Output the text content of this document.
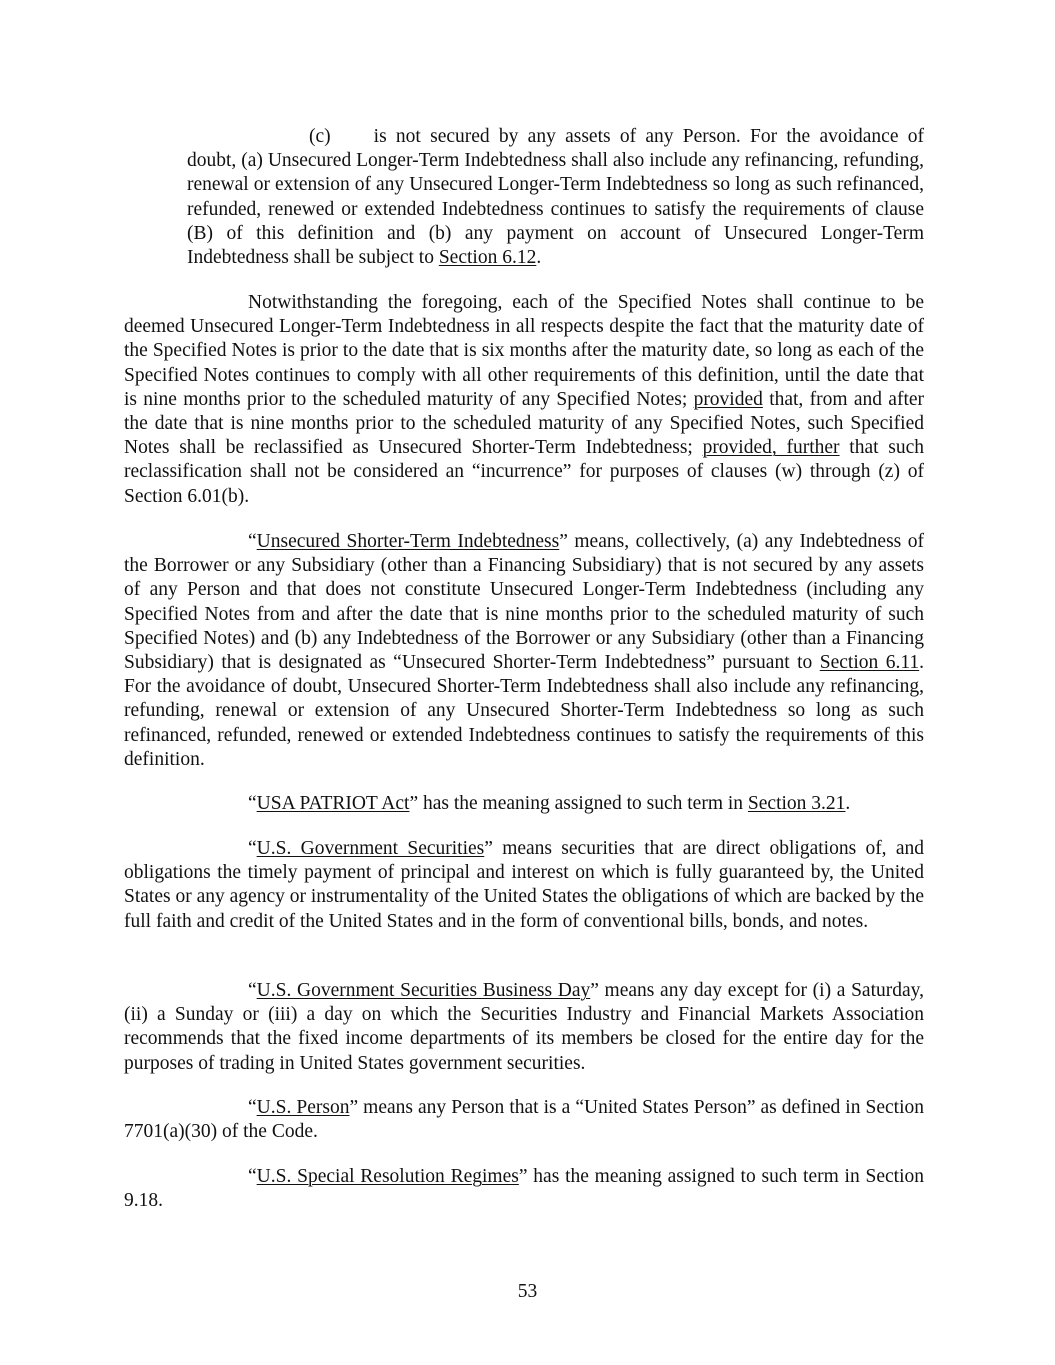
(c) is not secured by any assets of any Person. For the avoidance of doubt, (a) Unsecured Longer-Term Indebtedness shall also include any refinancing, refunding, renewal or extension of any Unsecured Longer-Term Indebtedness so long as such refinanced, refunded, renewed or extended Indebtedness continues to satisfy the requirements of clause (B) of this definition and (b) any payment on account of Unsecured Longer-Term Indebtedness shall be subject to Section 6.12.

Notwithstanding the foregoing, each of the Specified Notes shall continue to be deemed Unsecured Longer-Term Indebtedness in all respects despite the fact that the maturity date of the Specified Notes is prior to the date that is six months after the maturity date, so long as each of the Specified Notes continues to comply with all other requirements of this definition, until the date that is nine months prior to the scheduled maturity of any Specified Notes; provided that, from and after the date that is nine months prior to the scheduled maturity of any Specified Notes, such Specified Notes shall be reclassified as Unsecured Shorter-Term Indebtedness; provided, further that such reclassification shall not be considered an “incurrence” for purposes of clauses (w) through (z) of Section 6.01(b).

“Unsecured Shorter-Term Indebtedness” means, collectively, (a) any Indebtedness of the Borrower or any Subsidiary (other than a Financing Subsidiary) that is not secured by any assets of any Person and that does not constitute Unsecured Longer-Term Indebtedness (including any Specified Notes from and after the date that is nine months prior to the scheduled maturity of such Specified Notes) and (b) any Indebtedness of the Borrower or any Subsidiary (other than a Financing Subsidiary) that is designated as “Unsecured Shorter-Term Indebtedness” pursuant to Section 6.11. For the avoidance of doubt, Unsecured Shorter-Term Indebtedness shall also include any refinancing, refunding, renewal or extension of any Unsecured Shorter-Term Indebtedness so long as such refinanced, refunded, renewed or extended Indebtedness continues to satisfy the requirements of this definition.

“USA PATRIOT Act” has the meaning assigned to such term in Section 3.21.

“U.S. Government Securities” means securities that are direct obligations of, and obligations the timely payment of principal and interest on which is fully guaranteed by, the United States or any agency or instrumentality of the United States the obligations of which are backed by the full faith and credit of the United States and in the form of conventional bills, bonds, and notes.

“U.S. Government Securities Business Day” means any day except for (i) a Saturday, (ii) a Sunday or (iii) a day on which the Securities Industry and Financial Markets Association recommends that the fixed income departments of its members be closed for the entire day for the purposes of trading in United States government securities.

“U.S. Person” means any Person that is a “United States Person” as defined in Section 7701(a)(30) of the Code.

“U.S. Special Resolution Regimes” has the meaning assigned to such term in Section 9.18.

53
